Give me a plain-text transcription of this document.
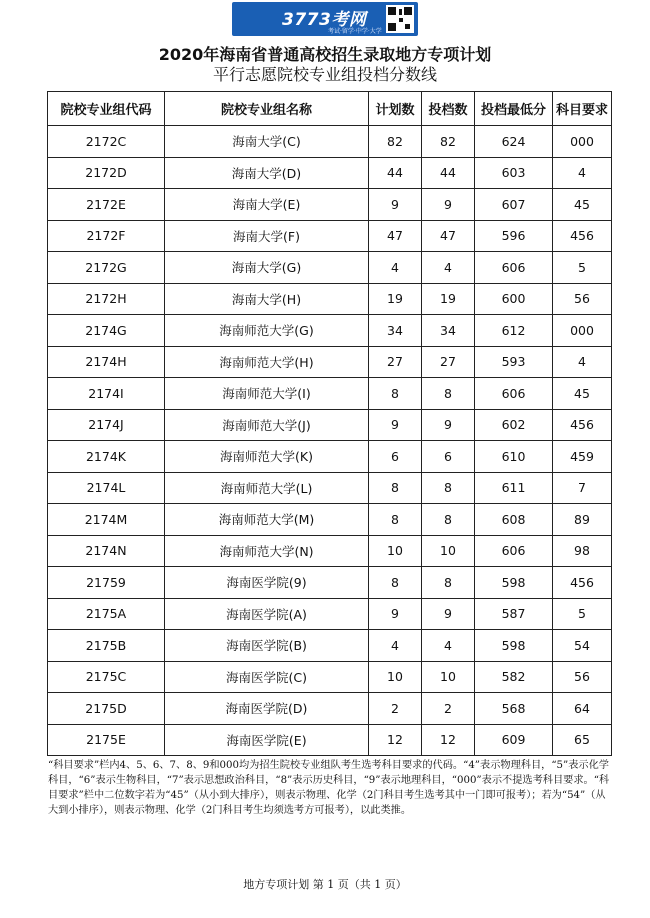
3773考网
考试·留学·中学·大学
2020年海南省普通高校招生录取地方专项计划
平行志愿院校专业组投档分数线
院校专业组代码	院校专业组名称	计划数	投档数	投档最低分	科目要求
2172C	海南大学(C)	82	82	624	000
2172D	海南大学(D)	44	44	603	4
2172E	海南大学(E)	9	9	607	45
2172F	海南大学(F)	47	47	596	456
2172G	海南大学(G)	4	4	606	5
2172H	海南大学(H)	19	19	600	56
2174G	海南师范大学(G)	34	34	612	000
2174H	海南师范大学(H)	27	27	593	4
2174I	海南师范大学(I)	8	8	606	45
2174J	海南师范大学(J)	9	9	602	456
2174K	海南师范大学(K)	6	6	610	459
2174L	海南师范大学(L)	8	8	611	7
2174M	海南师范大学(M)	8	8	608	89
2174N	海南师范大学(N)	10	10	606	98
21759	海南医学院(9)	8	8	598	456
2175A	海南医学院(A)	9	9	587	5
2175B	海南医学院(B)	4	4	598	54
2175C	海南医学院(C)	10	10	582	56
2175D	海南医学院(D)	2	2	568	64
2175E	海南医学院(E)	12	12	609	65
“科目要求”栏内4、5、6、7、8、9和000均为招生院校专业组队考生选考科目要求的代码。“4”表示物理科目，“5”表示化学科目，“6”表示生物科目，“7”表示思想政治科目，“8”表示历史科目，“9”表示地理科目，“000”表示不提选考科目要求。“科目要求”栏中二位数字若为“45”（从小到大排序），则表示物理、化学（2门科目考生选考其中一门即可报考）；若为“54”（从大到小排序），则表示物理、化学（2门科目考生均须选考方可报考），以此类推。
地方专项计划 第 1 页（共 1 页）
